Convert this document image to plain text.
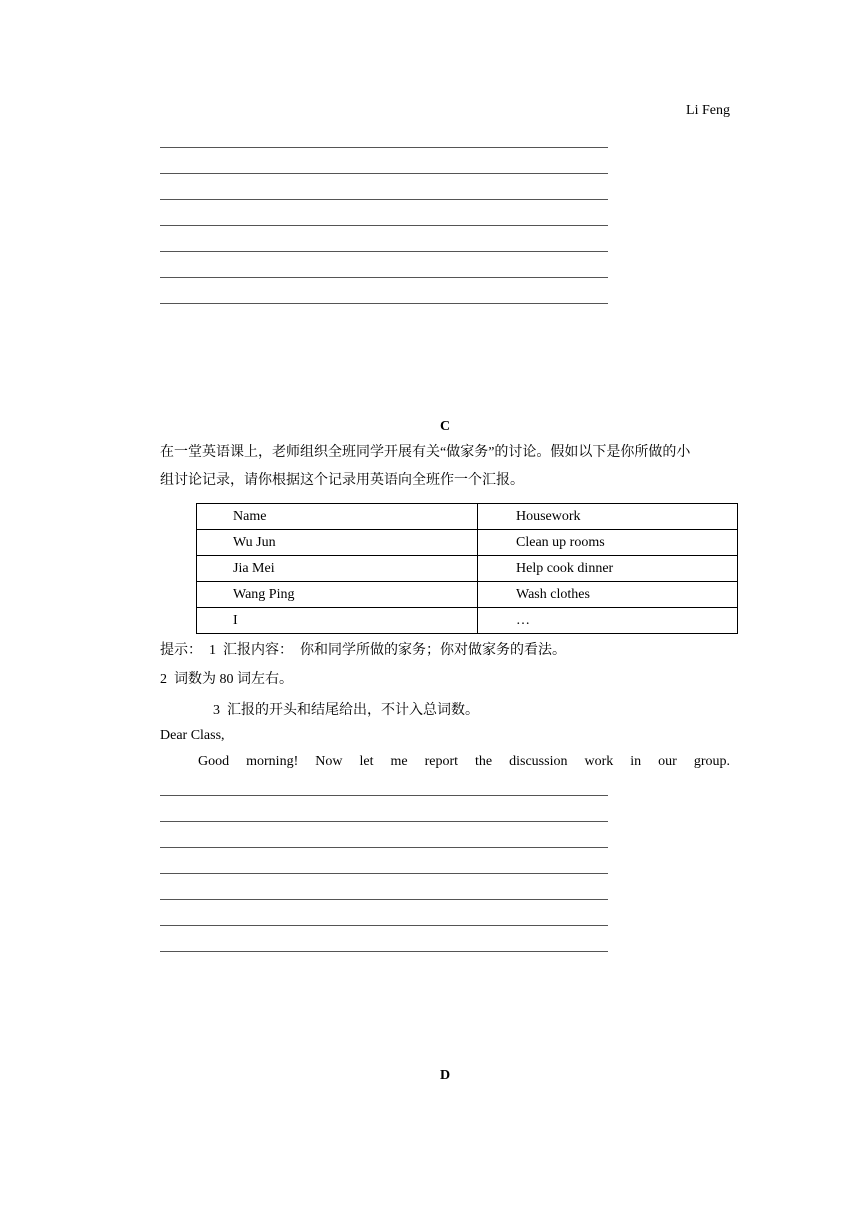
Li Feng
C
在一堂英语课上，老师组织全班同学开展有关“做家务”的讨论。假如以下是你所做的小
组讨论记录，请你根据这个记录用英语向全班作一个汇报。
Name	Housework
Wu Jun	Clean up rooms
Jia Mei	Help cook dinner
Wang Ping	Wash clothes
I	…
提示：  1  汇报内容：  你和同学所做的家务；你对做家务的看法。
2  词数为 80 词左右。
3  汇报的开头和结尾给出，不计入总词数。
Dear Class,
Good morning! Now let me report the discussion work in our group.
D
